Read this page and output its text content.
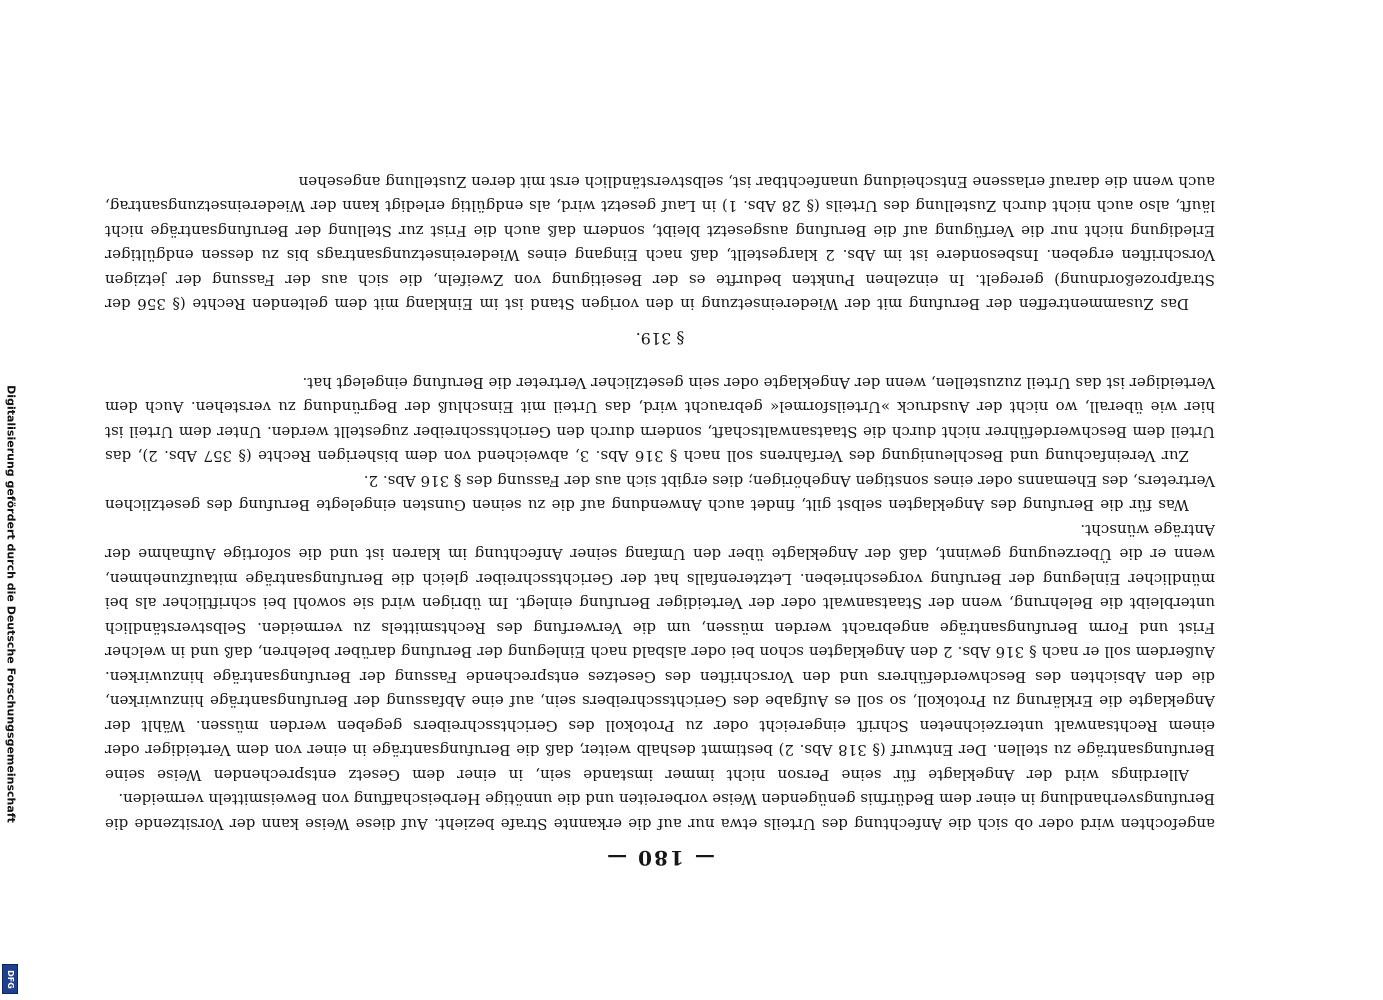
Digitalisierung gefördert durch die Deutsche Forschungsgemeinschaft
DFG
— 180 —

angefochten wird oder ob sich die Anfechtung des Urteils etwa nur auf die erkannte Strafe bezieht. Auf diese Weise kann der Vorsitzende die Berufungsverhandlung in einer dem Bedürfnis genügenden Weise vorbereiten und die unnötige Herbeischaffung von Beweismitteln vermeiden.

Allerdings wird der Angeklagte für seine Person nicht immer imstande sein, in einer dem Gesetz entsprechenden Weise seine Berufungsanträge zu stellen. Der Entwurf (§ 318 Abs. 2) bestimmt deshalb weiter, daß die Berufungsanträge in einer von dem Verteidiger oder einem Rechtsanwalt unterzeichneten Schrift eingereicht oder zu Protokoll des Gerichtsschreibers gegeben werden müssen. Wählt der Angeklagte die Erklärung zu Protokoll, so soll es Aufgabe des Gerichtsschreibers sein, auf eine Abfassung der Berufungsanträge hinzuwirken, die den Absichten des Beschwerdeführers und den Vorschriften des Gesetzes entsprechende Fassung der Berufungsanträge hinzuwirken. Außerdem soll er nach § 316 Abs. 2 den Angeklagten schon bei oder alsbald nach Einlegung der Berufung darüber belehren, daß und in welcher Frist und Form Berufungsanträge angebracht werden müssen, um die Verwerfung des Rechtsmittels zu vermeiden. Selbstverständlich unterbleibt die Belehrung, wenn der Staatsanwalt oder der Verteidiger Berufung einlegt. Im übrigen wird sie sowohl bei schriftlicher als bei mündlicher Einlegung der Berufung vorgeschrieben. Letzterenfalls hat der Gerichtsschreiber gleich die Berufungsanträge mitaufzunehmen, wenn er die Überzeugung gewinnt, daß der Angeklagte über den Umfang seiner Anfechtung im klaren ist und die sofortige Aufnahme der Anträge wünscht.

Was für die Berufung des Angeklagten selbst gilt, findet auch Anwendung auf die zu seinen Gunsten eingelegte Berufung des gesetzlichen Vertreters, des Ehemanns oder eines sonstigen Angehörigen; dies ergibt sich aus der Fassung des § 316 Abs. 2.

Zur Vereinfachung und Beschleunigung des Verfahrens soll nach § 316 Abs. 3, abweichend von dem bisherigen Rechte (§ 357 Abs. 2), das Urteil dem Beschwerdeführer nicht durch die Staatsanwaltschaft, sondern durch den Gerichtsschreiber zugestellt werden. Unter dem Urteil ist hier wie überall, wo nicht der Ausdruck »Urteilsformel« gebraucht wird, das Urteil mit Einschluß der Begründung zu verstehen. Auch dem Verteidiger ist das Urteil zuzustellen, wenn der Angeklagte oder sein gesetzlicher Vertreter die Berufung eingelegt hat.

§ 319.

Das Zusammentreffen der Berufung mit der Wiedereinsetzung in den vorigen Stand ist im Einklang mit dem geltenden Rechte (§ 356 der Strafprozeßordnung) geregelt. In einzelnen Punkten bedurfte es der Beseitigung von Zweifeln, die sich aus der Fassung der jetzigen Vorschriften ergeben. Insbesondere ist im Abs. 2 klargestellt, daß nach Eingang eines Wiedereinsetzungsantrags bis zu dessen endgültiger Erledigung nicht nur die Verfügung auf die Berufung ausgesetzt bleibt, sondern daß auch die Frist zur Stellung der Berufungsanträge nicht läuft, also auch nicht durch Zustellung des Urteils (§ 28 Abs. 1) in Lauf gesetzt wird, als endgültig erledigt kann der Wiedereinsetzungsantrag, auch wenn die darauf erlassene Entscheidung unanfechtbar ist, selbstverständlich erst mit deren Zustellung angesehen
